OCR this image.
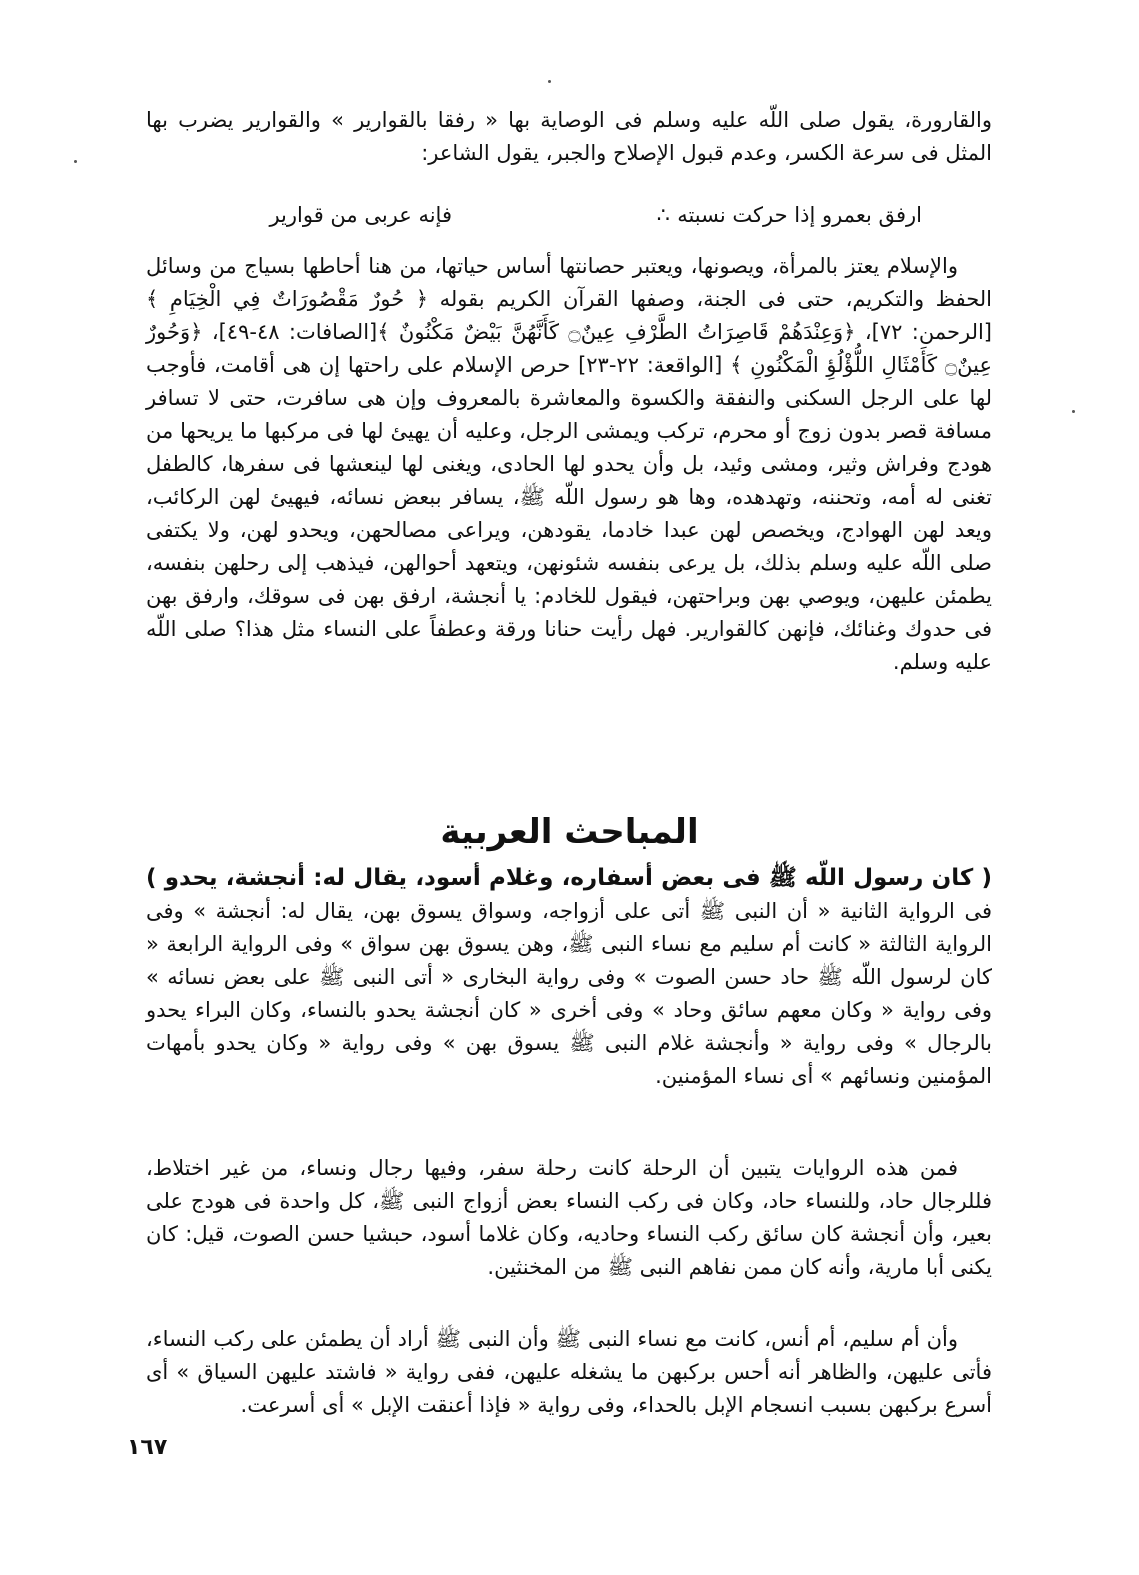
والقارورة، يقول صلى اللّه عليه وسلم فى الوصاية بها « رفقا بالقوارير » والقوارير يضرب بها المثل فى سرعة الكسر، وعدم قبول الإصلاح والجبر، يقول الشاعر:

ارفق بعمرو إذا حركت نسبته
∴
فإنه عربى من قوارير

والإسلام يعتز بالمرأة، ويصونها، ويعتبر حصانتها أساس حياتها، من هنا أحاطها بسياج من وسائل الحفظ والتكريم، حتى فى الجنة، وصفها القرآن الكريم بقوله ﴿ حُورٌ مَقْصُورَاتٌ فِي الْخِيَامِ ﴾ [الرحمن: ٧٢]، ﴿وَعِنْدَهُمْ قَاصِرَاتُ الطَّرْفِ عِينٌ۝ كَأَنَّهُنَّ بَيْضٌ مَكْنُونٌ ﴾[الصافات: ٤٨-٤٩]، ﴿وَحُورٌ عِينٌ۝ كَأَمْثَالِ اللُّؤْلُؤِ الْمَكْنُونِ ﴾ [الواقعة: ٢٢-٢٣] حرص الإسلام على راحتها إن هى أقامت، فأوجب لها على الرجل السكنى والنفقة والكسوة والمعاشرة بالمعروف وإن هى سافرت، حتى لا تسافر مسافة قصر بدون زوج أو محرم، تركب ويمشى الرجل، وعليه أن يهيئ لها فى مركبها ما يريحها من هودج وفراش وثير، ومشى وئيد، بل وأن يحدو لها الحادى، ويغنى لها لينعشها فى سفرها، كالطفل تغنى له أمه، وتحننه، وتهدهده، وها هو رسول اللّه ﷺ، يسافر ببعض نسائه، فيهيئ لهن الركائب، ويعد لهن الهوادج، ويخصص لهن عبدا خادما، يقودهن، ويراعى مصالحهن، ويحدو لهن، ولا يكتفى صلى اللّه عليه وسلم بذلك، بل يرعى بنفسه شئونهن، ويتعهد أحوالهن، فيذهب إلى رحلهن بنفسه، يطمئن عليهن، ويوصي بهن وبراحتهن، فيقول للخادم: يا أنجشة، ارفق بهن فى سوقك، وارفق بهن فى حدوك وغنائك، فإنهن كالقوارير. فهل رأيت حنانا ورقة وعطفاً على النساء مثل هذا؟ صلى اللّه عليه وسلم.

المباحث العربية

( كان رسول اللّه ﷺ فى بعض أسفاره، وغلام أسود، يقال له: أنجشة، يحدو ) فى الرواية الثانية « أن النبى ﷺ أتى على أزواجه، وسواق يسوق بهن، يقال له: أنجشة » وفى الرواية الثالثة « كانت أم سليم مع نساء النبى ﷺ، وهن يسوق بهن سواق » وفى الرواية الرابعة « كان لرسول اللّه ﷺ حاد حسن الصوت » وفى رواية البخارى « أتى النبى ﷺ على بعض نسائه » وفى رواية « وكان معهم سائق وحاد » وفى أخرى « كان أنجشة يحدو بالنساء، وكان البراء يحدو بالرجال » وفى رواية « وأنجشة غلام النبى ﷺ يسوق بهن » وفى رواية « وكان يحدو بأمهات المؤمنين ونسائهم » أى نساء المؤمنين.

فمن هذه الروايات يتبين أن الرحلة كانت رحلة سفر، وفيها رجال ونساء، من غير اختلاط، فللرجال حاد، وللنساء حاد، وكان فى ركب النساء بعض أزواج النبى ﷺ، كل واحدة فى هودج على بعير، وأن أنجشة كان سائق ركب النساء وحاديه، وكان غلاما أسود، حبشيا حسن الصوت، قيل: كان يكنى أبا مارية، وأنه كان ممن نفاهم النبى ﷺ من المخنثين.

وأن أم سليم، أم أنس، كانت مع نساء النبى ﷺ وأن النبى ﷺ أراد أن يطمئن على ركب النساء، فأتى عليهن، والظاهر أنه أحس بركبهن ما يشغله عليهن، ففى رواية « فاشتد عليهن السياق » أى أسرع بركبهن بسبب انسجام الإبل بالحداء، وفى رواية « فإذا أعنقت الإبل » أى أسرعت.

١٦٧
